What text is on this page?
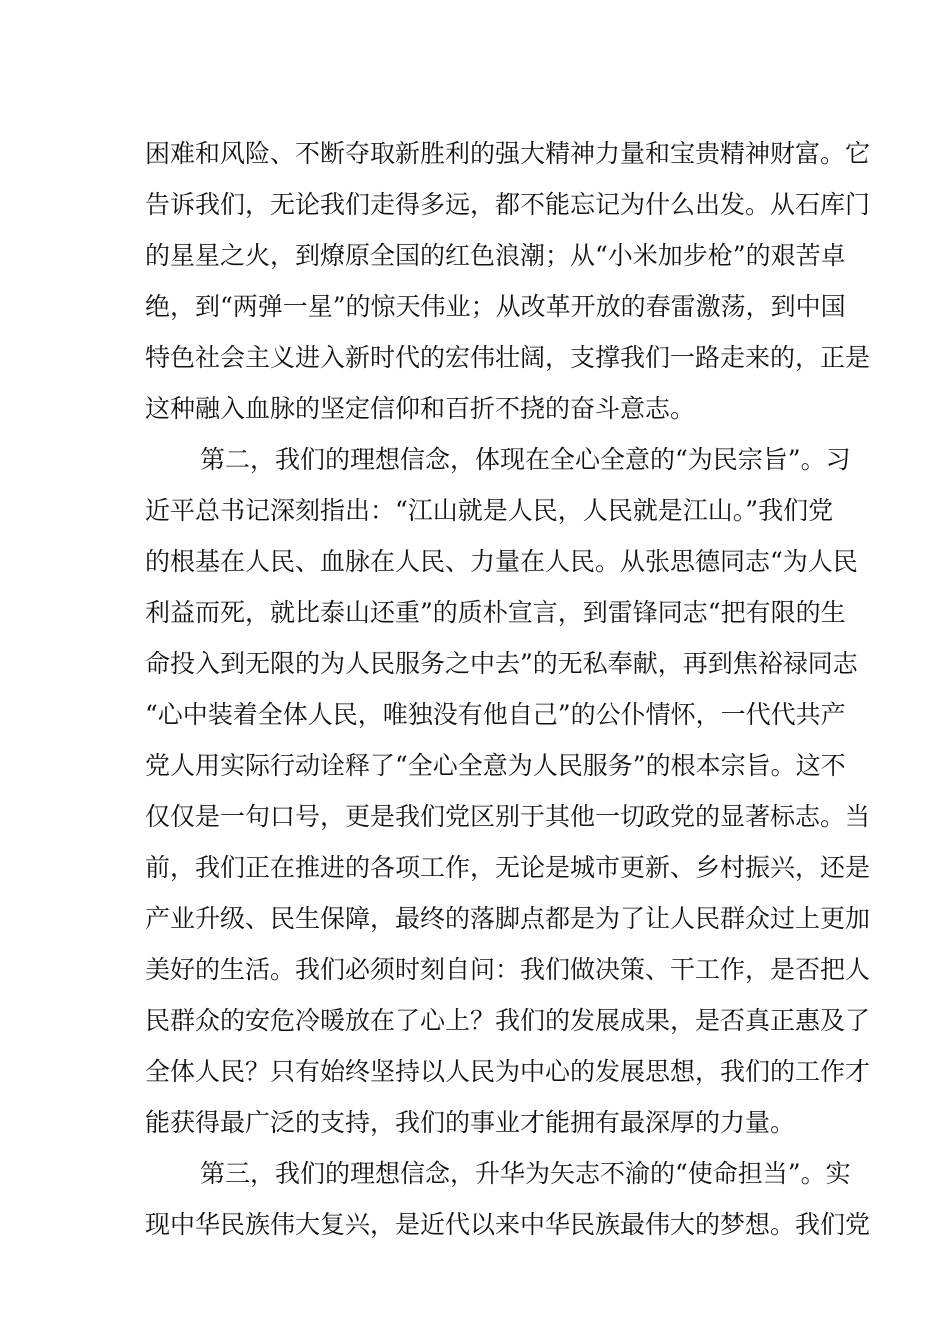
困难和风险、不断夺取新胜利的强大精神力量和宝贵精神财富。它
告诉我们，无论我们走得多远，都不能忘记为什么出发。从石库门
的星星之火，到燎原全国的红色浪潮；从“小米加步枪”的艰苦卓
绝，到“两弹一星”的惊天伟业；从改革开放的春雷激荡，到中国
特色社会主义进入新时代的宏伟壮阔，支撑我们一路走来的，正是
这种融入血脉的坚定信仰和百折不挠的奋斗意志。
第二，我们的理想信念，体现在全心全意的“为民宗旨”。习
近平总书记深刻指出：“江山就是人民，人民就是江山。”我们党
的根基在人民、血脉在人民、力量在人民。从张思德同志“为人民
利益而死，就比泰山还重”的质朴宣言，到雷锋同志“把有限的生
命投入到无限的为人民服务之中去”的无私奉献，再到焦裕禄同志
“心中装着全体人民，唯独没有他自己”的公仆情怀，一代代共产
党人用实际行动诠释了“全心全意为人民服务”的根本宗旨。这不
仅仅是一句口号，更是我们党区别于其他一切政党的显著标志。当
前，我们正在推进的各项工作，无论是城市更新、乡村振兴，还是
产业升级、民生保障，最终的落脚点都是为了让人民群众过上更加
美好的生活。我们必须时刻自问：我们做决策、干工作，是否把人
民群众的安危冷暖放在了心上？我们的发展成果，是否真正惠及了
全体人民？只有始终坚持以人民为中心的发展思想，我们的工作才
能获得最广泛的支持，我们的事业才能拥有最深厚的力量。
第三，我们的理想信念，升华为矢志不渝的“使命担当”。实
现中华民族伟大复兴，是近代以来中华民族最伟大的梦想。我们党
